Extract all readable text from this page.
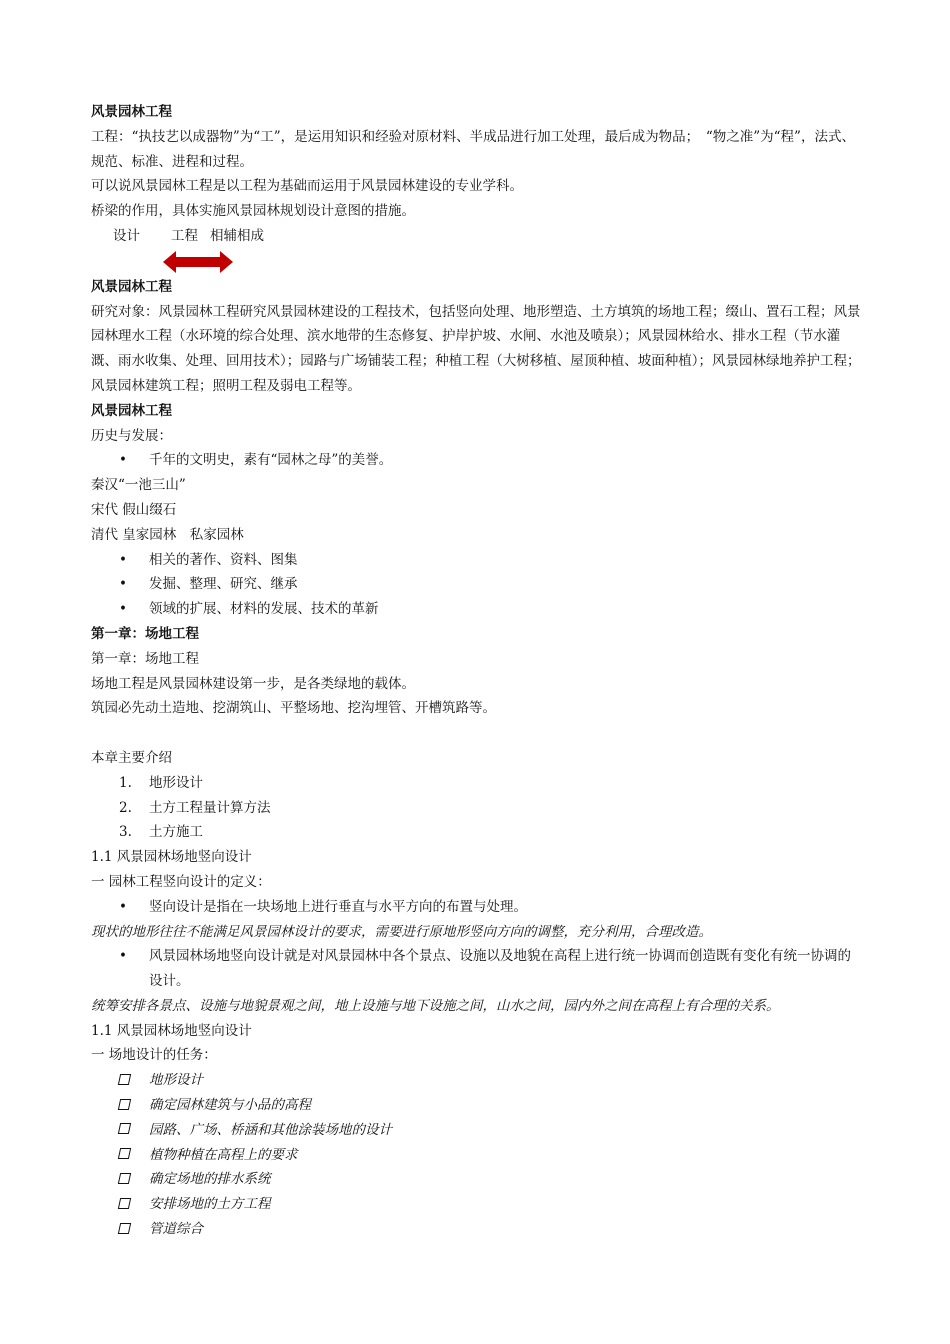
风景园林工程
工程：“执技艺以成器物”为“工”，是运用知识和经验对原材料、半成品进行加工处理，最后成为物品；　“物之准”为“程”，法式、规范、标准、进程和过程。
可以说风景园林工程是以工程为基础而运用于风景园林建设的专业学科。
桥梁的作用，具体实施风景园林规划设计意图的措施。
设计 工程 相辅相成
风景园林工程
研究对象：风景园林工程研究风景园林建设的工程技术，包括竖向处理、地形塑造、土方填筑的场地工程；缀山、置石工程；风景园林理水工程（水环境的综合处理、滨水地带的生态修复、护岸护坡、水闸、水池及喷泉）；风景园林给水、排水工程（节水灌溉、雨水收集、处理、回用技术）；园路与广场铺装工程；种植工程（大树移植、屋顶种植、坡面种植）；风景园林绿地养护工程；风景园林建筑工程；照明工程及弱电工程等。
风景园林工程
历史与发展：
•	千年的文明史，素有“园林之母”的美誉。
秦汉“一池三山”
宋代 假山缀石
清代 皇家园林　私家园林
•	相关的著作、资料、图集
•	发掘、整理、研究、继承
•	领域的扩展、材料的发展、技术的革新
第一章：场地工程
第一章：场地工程
场地工程是风景园林建设第一步，是各类绿地的载体。
筑园必先动土造地、挖湖筑山、平整场地、挖沟埋管、开槽筑路等。
本章主要介绍
1.	地形设计
2.	土方工程量计算方法
3.	土方施工
1.1 风景园林场地竖向设计
一 园林工程竖向设计的定义：
•	竖向设计是指在一块场地上进行垂直与水平方向的布置与处理。
现状的地形往往不能满足风景园林设计的要求，需要进行原地形竖向方向的调整，充分利用，合理改造。
•	风景园林场地竖向设计就是对风景园林中各个景点、设施以及地貌在高程上进行统一协调而创造既有变化有统一协调的设计。
统筹安排各景点、设施与地貌景观之间，地上设施与地下设施之间，山水之间，园内外之间在高程上有合理的关系。
1.1 风景园林场地竖向设计
一 场地设计的任务：
地形设计
确定园林建筑与小品的高程
园路、广场、桥涵和其他涂装场地的设计
植物种植在高程上的要求
确定场地的排水系统
安排场地的土方工程
管道综合
